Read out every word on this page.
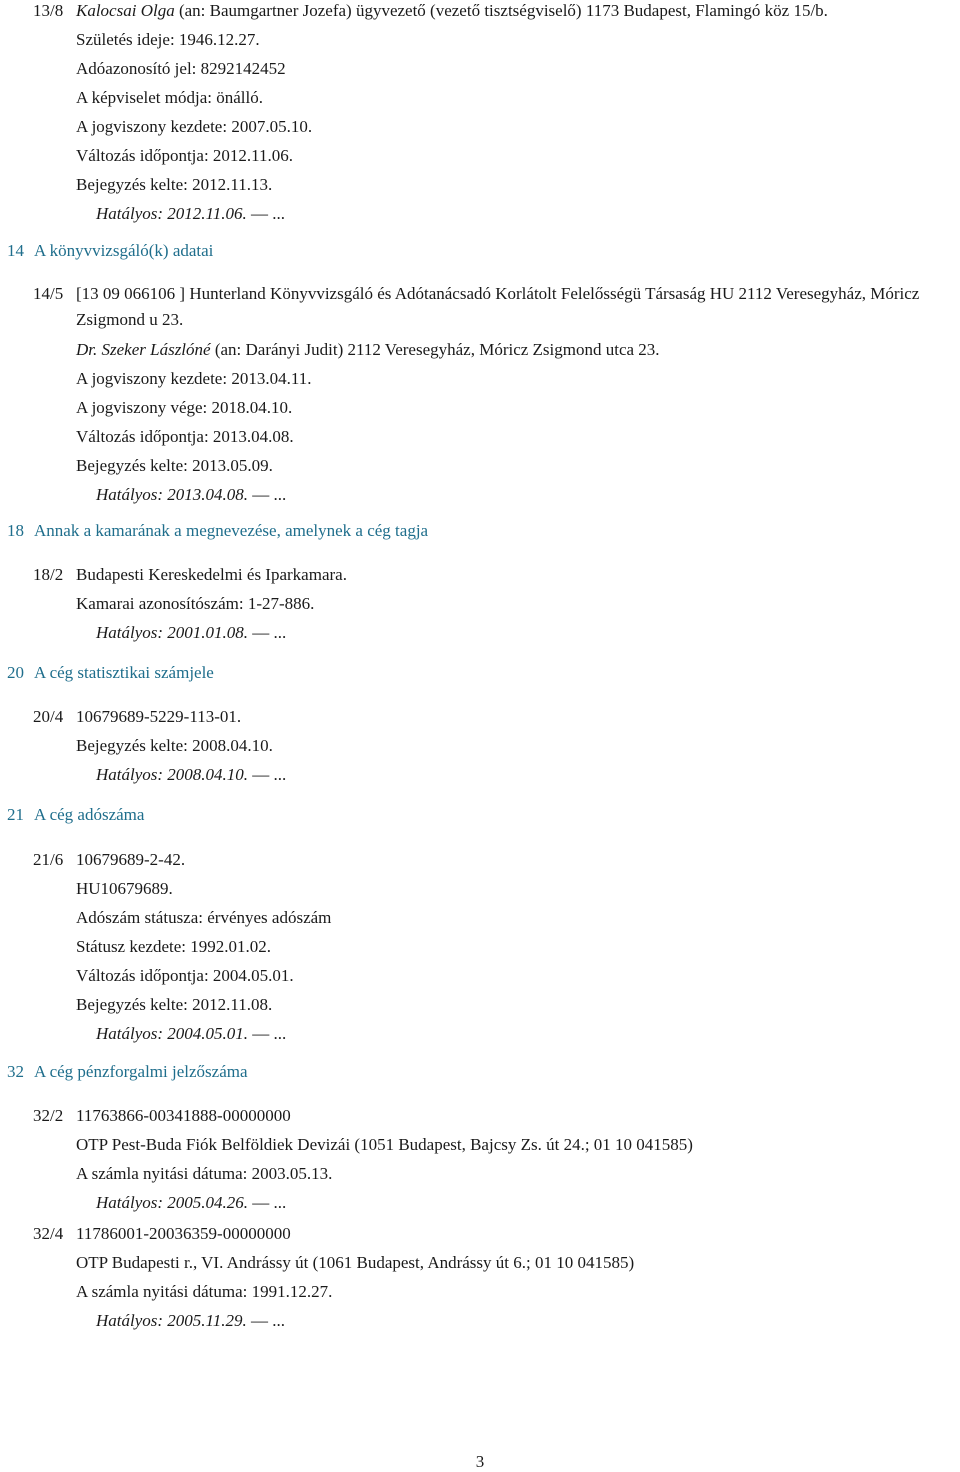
13/8 Kalocsai Olga (an: Baumgartner Jozefa) ügyvezető (vezető tisztségviselő) 1173 Budapest, Flamingó köz 15/b.
Születés ideje: 1946.12.27.
Adóazonosító jel: 8292142452
A képviselet módja: önálló.
A jogviszony kezdete: 2007.05.10.
Változás időpontja: 2012.11.06.
Bejegyzés kelte: 2012.11.13.
Hatályos: 2012.11.06. — ...
14 A könyvvizsgáló(k) adatai
14/5 [13 09 066106 ] Hunterland Könyvvizsgáló és Adótanácsadó Korlátolt Felelősségü Társaság HU 2112 Veresegyház, Móricz Zsigmond u 23.
Dr. Szeker Lászlóné (an: Darányi Judit) 2112 Veresegyház, Móricz Zsigmond utca 23.
A jogviszony kezdete: 2013.04.11.
A jogviszony vége: 2018.04.10.
Változás időpontja: 2013.04.08.
Bejegyzés kelte: 2013.05.09.
Hatályos: 2013.04.08. — ...
18 Annak a kamarának a megnevezése, amelynek a cég tagja
18/2 Budapesti Kereskedelmi és Iparkamara.
Kamarai azonosítószám: 1-27-886.
Hatályos: 2001.01.08. — ...
20 A cég statisztikai számjele
20/4 10679689-5229-113-01.
Bejegyzés kelte: 2008.04.10.
Hatályos: 2008.04.10. — ...
21 A cég adószáma
21/6 10679689-2-42.
HU10679689.
Adószám státusza: érvényes adószám
Státusz kezdete: 1992.01.02.
Változás időpontja: 2004.05.01.
Bejegyzés kelte: 2012.11.08.
Hatályos: 2004.05.01. — ...
32 A cég pénzforgalmi jelzőszáma
32/2 11763866-00341888-00000000
OTP Pest-Buda Fiók Belföldiek Devizái (1051 Budapest, Bajcsy Zs. út 24.; 01 10 041585)
A számla nyitási dátuma: 2003.05.13.
Hatályos: 2005.04.26. — ...
32/4 11786001-20036359-00000000
OTP Budapesti r., VI. Andrássy út (1061 Budapest, Andrássy út 6.; 01 10 041585)
A számla nyitási dátuma: 1991.12.27.
Hatályos: 2005.11.29. — ...
3
